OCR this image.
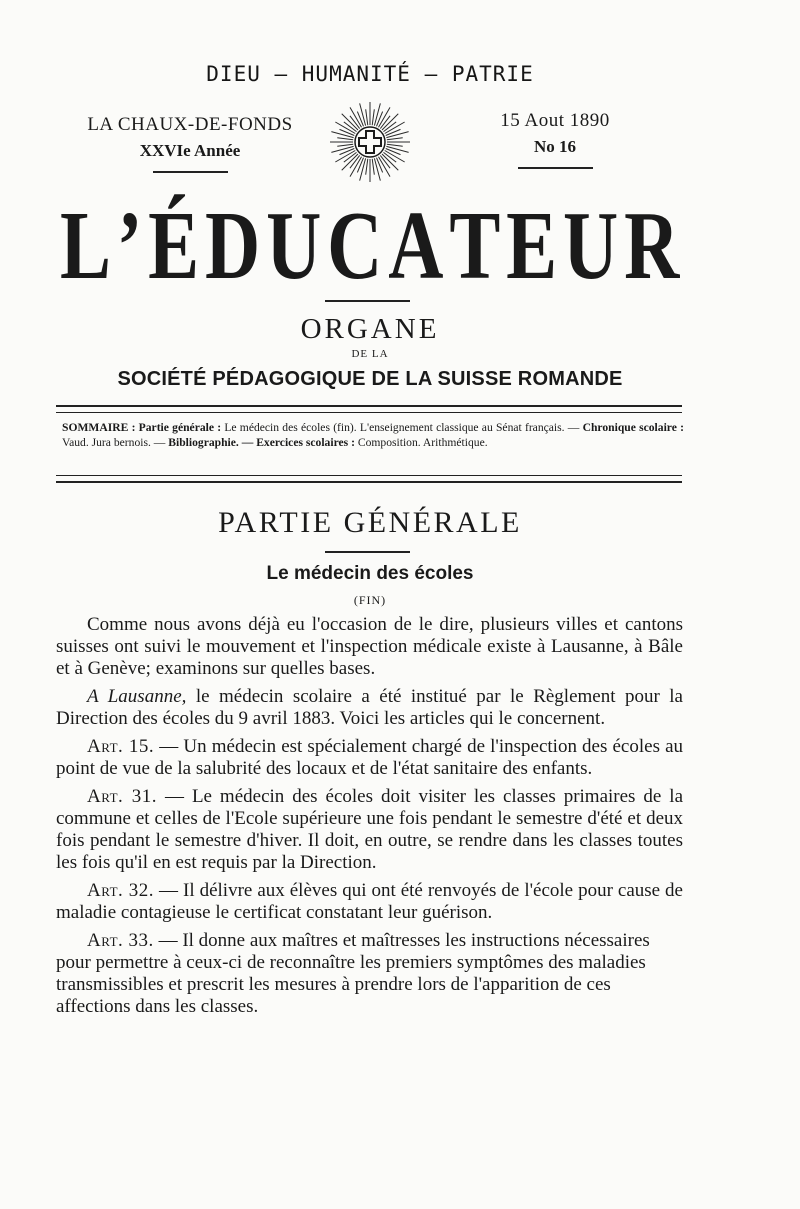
DIEU — HUMANITÉ — PATRIE
LA CHAUX-DE-FONDS
XXVIe Année
15 Aout 1890
No 16
L ’ É D U C A T E U R
ORGANE
DE LA
SOCIÉTÉ PÉDAGOGIQUE DE LA SUISSE ROMANDE
SOMMAIRE : Partie générale : Le médecin des écoles (fin). L'enseignement classique au Sénat français. — Chronique scolaire : Vaud. Jura bernois. — Bibliographie. — Exercices scolaires : Composition. Arithmétique.
PARTIE GÉNÉRALE
Le médecin des écoles
(FIN)

Comme nous avons déjà eu l'occasion de le dire, plusieurs villes et cantons suisses ont suivi le mouvement et l'inspection médicale existe à Lausanne, à Bâle et à Genève; examinons sur quelles bases.

A Lausanne, le médecin scolaire a été institué par le Règlement pour la Direction des écoles du 9 avril 1883. Voici les articles qui le concernent.

Art. 15. — Un médecin est spécialement chargé de l'inspection des écoles au point de vue de la salubrité des locaux et de l'état sanitaire des enfants.

Art. 31. — Le médecin des écoles doit visiter les classes primaires de la commune et celles de l'Ecole supérieure une fois pendant le semestre d'été et deux fois pendant le semestre d'hiver. Il doit, en outre, se rendre dans les classes toutes les fois qu'il en est requis par la Direction.

Art. 32. — Il délivre aux élèves qui ont été renvoyés de l'école pour cause de maladie contagieuse le certificat constatant leur guérison.

Art. 33. — Il donne aux maîtres et maîtresses les instructions nécessaires pour permettre à ceux-ci de reconnaître les premiers symptômes des maladies transmissibles et prescrit les mesures à prendre lors de l'apparition de ces affections dans les classes.
